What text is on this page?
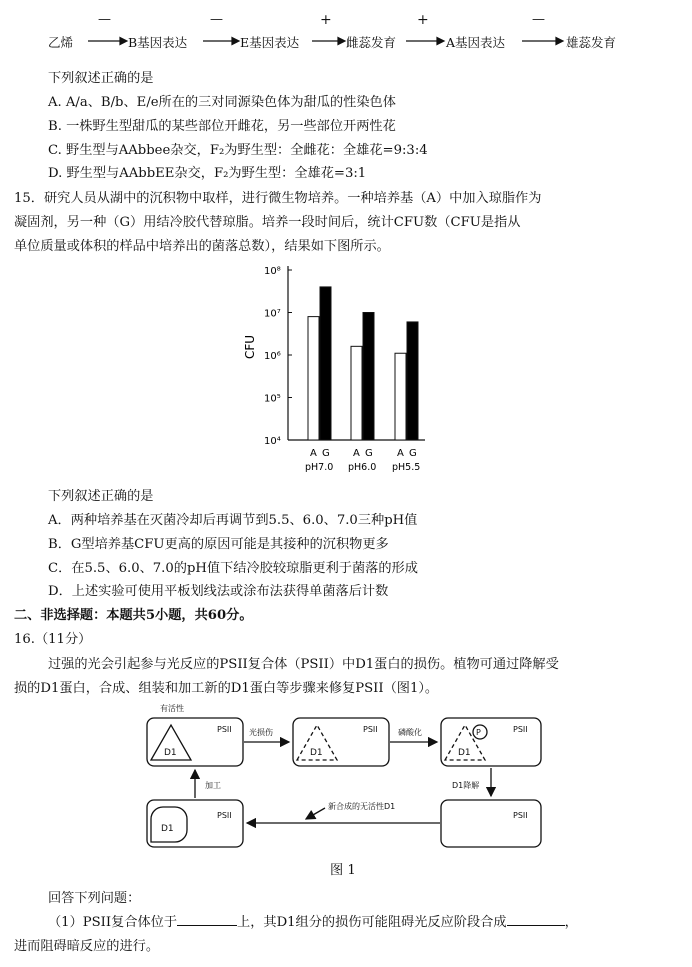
乙烯	B基因表达	E基因表达	雌蕊发育	A基因表达	雄蕊发育
—	—	+	+	—
下列叙述正确的是
A. A/a、B/b、E/e所在的三对同源染色体为甜瓜的性染色体
B. 一株野生型甜瓜的某些部位开雌花，另一些部位开两性花
C. 野生型与AAbbee杂交，F₂为野生型：全雌花：全雄花=9:3:4
D. 野生型与AAbbEE杂交，F₂为野生型：全雄花=3:1
15．研究人员从湖中的沉积物中取样，进行微生物培养。一种培养基（A）中加入琼脂作为
凝固剂，另一种（G）用结冷胶代替琼脂。培养一段时间后，统计CFU数（CFU是指从
单位质量或体积的样品中培养出的菌落总数），结果如下图所示。
CFU
10⁸
10⁷
10⁶
10⁵
10⁴
A G
pH7.0
A G
pH6.0
A G
pH5.5
下列叙述正确的是
A．两种培养基在灭菌冷却后再调节到5.5、6.0、7.0三种pH值
B．G型培养基CFU更高的原因可能是其接种的沉积物更多
C．在5.5、6.0、7.0的pH值下结冷胶较琼脂更利于菌落的形成
D．上述实验可使用平板划线法或涂布法获得单菌落后计数
二、非选择题：本题共5小题，共60分。
16.（11分）
过强的光会引起参与光反应的PSII复合体（PSII）中D1蛋白的损伤。植物可通过降解受
损的D1蛋白，合成、组装和加工新的D1蛋白等步骤来修复PSII（图1）。
有活性
PSII	PSII	PSII
PSII
PSII
光损伤	磷酸化
D1降解
新合成的无活性D1
加工
D1	D1	D1
D1
P
图 1
回答下列问题：
（1）PSII复合体位于	上，其D1组分的损伤可能阻碍光反应阶段合成	，
进而阻碍暗反应的进行。
